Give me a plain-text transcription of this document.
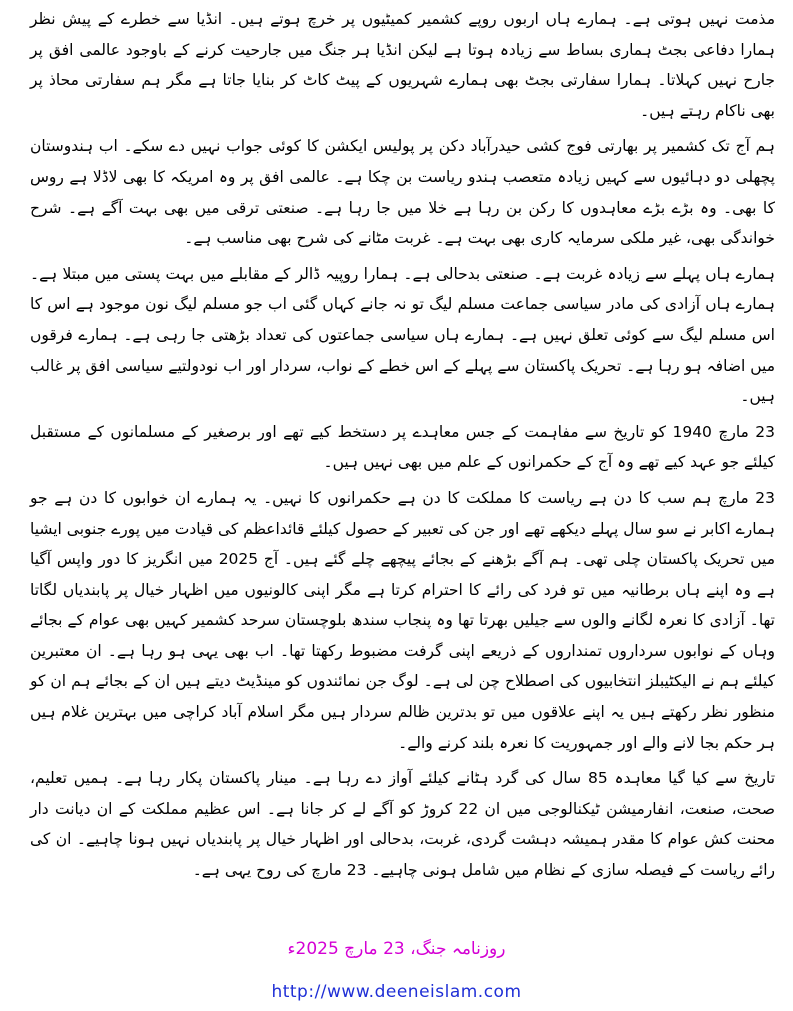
مذمت نہیں ہوتی ہے۔ ہمارے ہاں اربوں روپے کشمیر کمیٹیوں پر خرچ ہوتے ہیں۔ انڈیا سے خطرے کے پیش نظر ہمارا دفاعی بجٹ ہماری بساط سے زیادہ ہوتا ہے لیکن انڈیا ہر جنگ میں جارحیت کرنے کے باوجود عالمی افق پر جارح نہیں کہلاتا۔ ہمارا سفارتی بجٹ بھی ہمارے شہریوں کے پیٹ کاٹ کر بنایا جاتا ہے مگر ہم سفارتی محاذ پر بھی ناکام رہتے ہیں۔

ہم آج تک کشمیر پر بھارتی فوج کشی حیدرآباد دکن پر پولیس ایکشن کا کوئی جواب نہیں دے سکے۔ اب ہندوستان پچھلی دو دہائیوں سے کہیں زیادہ متعصب ہندو ریاست بن چکا ہے۔ عالمی افق پر وہ امریکہ کا بھی لاڈلا ہے روس کا بھی۔ وہ بڑے بڑے معاہدوں کا رکن بن رہا ہے خلا میں جا رہا ہے۔ صنعتی ترقی میں بھی بہت آگے ہے۔ شرح خواندگی بھی، غیر ملکی سرمایہ کاری بھی بہت ہے۔ غربت مٹانے کی شرح بھی مناسب ہے۔

ہمارے ہاں پہلے سے زیادہ غربت ہے۔ صنعتی بدحالی ہے۔ ہمارا روپیہ ڈالر کے مقابلے میں بہت پستی میں مبتلا ہے۔ ہمارے ہاں آزادی کی مادر سیاسی جماعت مسلم لیگ تو نہ جانے کہاں گئی اب جو مسلم لیگ نون موجود ہے اس کا اس مسلم لیگ سے کوئی تعلق نہیں ہے۔ ہمارے ہاں سیاسی جماعتوں کی تعداد بڑھتی جا رہی ہے۔ ہمارے فرقوں میں اضافہ ہو رہا ہے۔ تحریک پاکستان سے پہلے کے اس خطے کے نواب، سردار اور اب نودولتیے سیاسی افق پر غالب ہیں۔

23 مارچ 1940 کو تاریخ سے مفاہمت کے جس معاہدے پر دستخط کیے تھے اور برصغیر کے مسلمانوں کے مستقبل کیلئے جو عہد کیے تھے وہ آج کے حکمرانوں کے علم میں بھی نہیں ہیں۔

23 مارچ ہم سب کا دن ہے ریاست کا مملکت کا دن ہے حکمرانوں کا نہیں۔ یہ ہمارے ان خوابوں کا دن ہے جو ہمارے اکابر نے سو سال پہلے دیکھے تھے اور جن کی تعبیر کے حصول کیلئے قائداعظم کی قیادت میں پورے جنوبی ایشیا میں تحریک پاکستان چلی تھی۔ ہم آگے بڑھنے کے بجائے پیچھے چلے گئے ہیں۔ آج 2025 میں انگریز کا دور واپس آگیا ہے وہ اپنے ہاں برطانیہ میں تو فرد کی رائے کا احترام کرتا ہے مگر اپنی کالونیوں میں اظہار خیال پر پابندیاں لگاتا تھا۔ آزادی کا نعرہ لگانے والوں سے جیلیں بھرتا تھا وہ پنجاب سندھ بلوچستان سرحد کشمیر کہیں بھی عوام کے بجائے وہاں کے نوابوں سرداروں تمنداروں کے ذریعے اپنی گرفت مضبوط رکھتا تھا۔ اب بھی یہی ہو رہا ہے۔ ان معتبرین کیلئے ہم نے الیکٹیبلز انتخابیوں کی اصطلاح چن لی ہے۔ لوگ جن نمائندوں کو مینڈیٹ دیتے ہیں ان کے بجائے ہم ان کو منظور نظر رکھتے ہیں یہ اپنے علاقوں میں تو بدترین ظالم سردار ہیں مگر اسلام آباد کراچی میں بہترین غلام ہیں ہر حکم بجا لانے والے اور جمہوریت کا نعرہ بلند کرنے والے۔

تاریخ سے کیا گیا معاہدہ 85 سال کی گرد ہٹانے کیلئے آواز دے رہا ہے۔ مینار پاکستان پکار رہا ہے۔ ہمیں تعلیم، صحت، صنعت، انفارمیشن ٹیکنالوجی میں ان 22 کروڑ کو آگے لے کر جانا ہے۔ اس عظیم مملکت کے ان دیانت دار محنت کش عوام کا مقدر ہمیشہ دہشت گردی، غربت، بدحالی اور اظہار خیال پر پابندیاں نہیں ہونا چاہیے۔ ان کی رائے ریاست کے فیصلہ سازی کے نظام میں شامل ہونی چاہیے۔ 23 مارچ کی روح یہی ہے۔

روزنامہ جنگ، 23 مارچ 2025ء
http://www.deeneislam.com
